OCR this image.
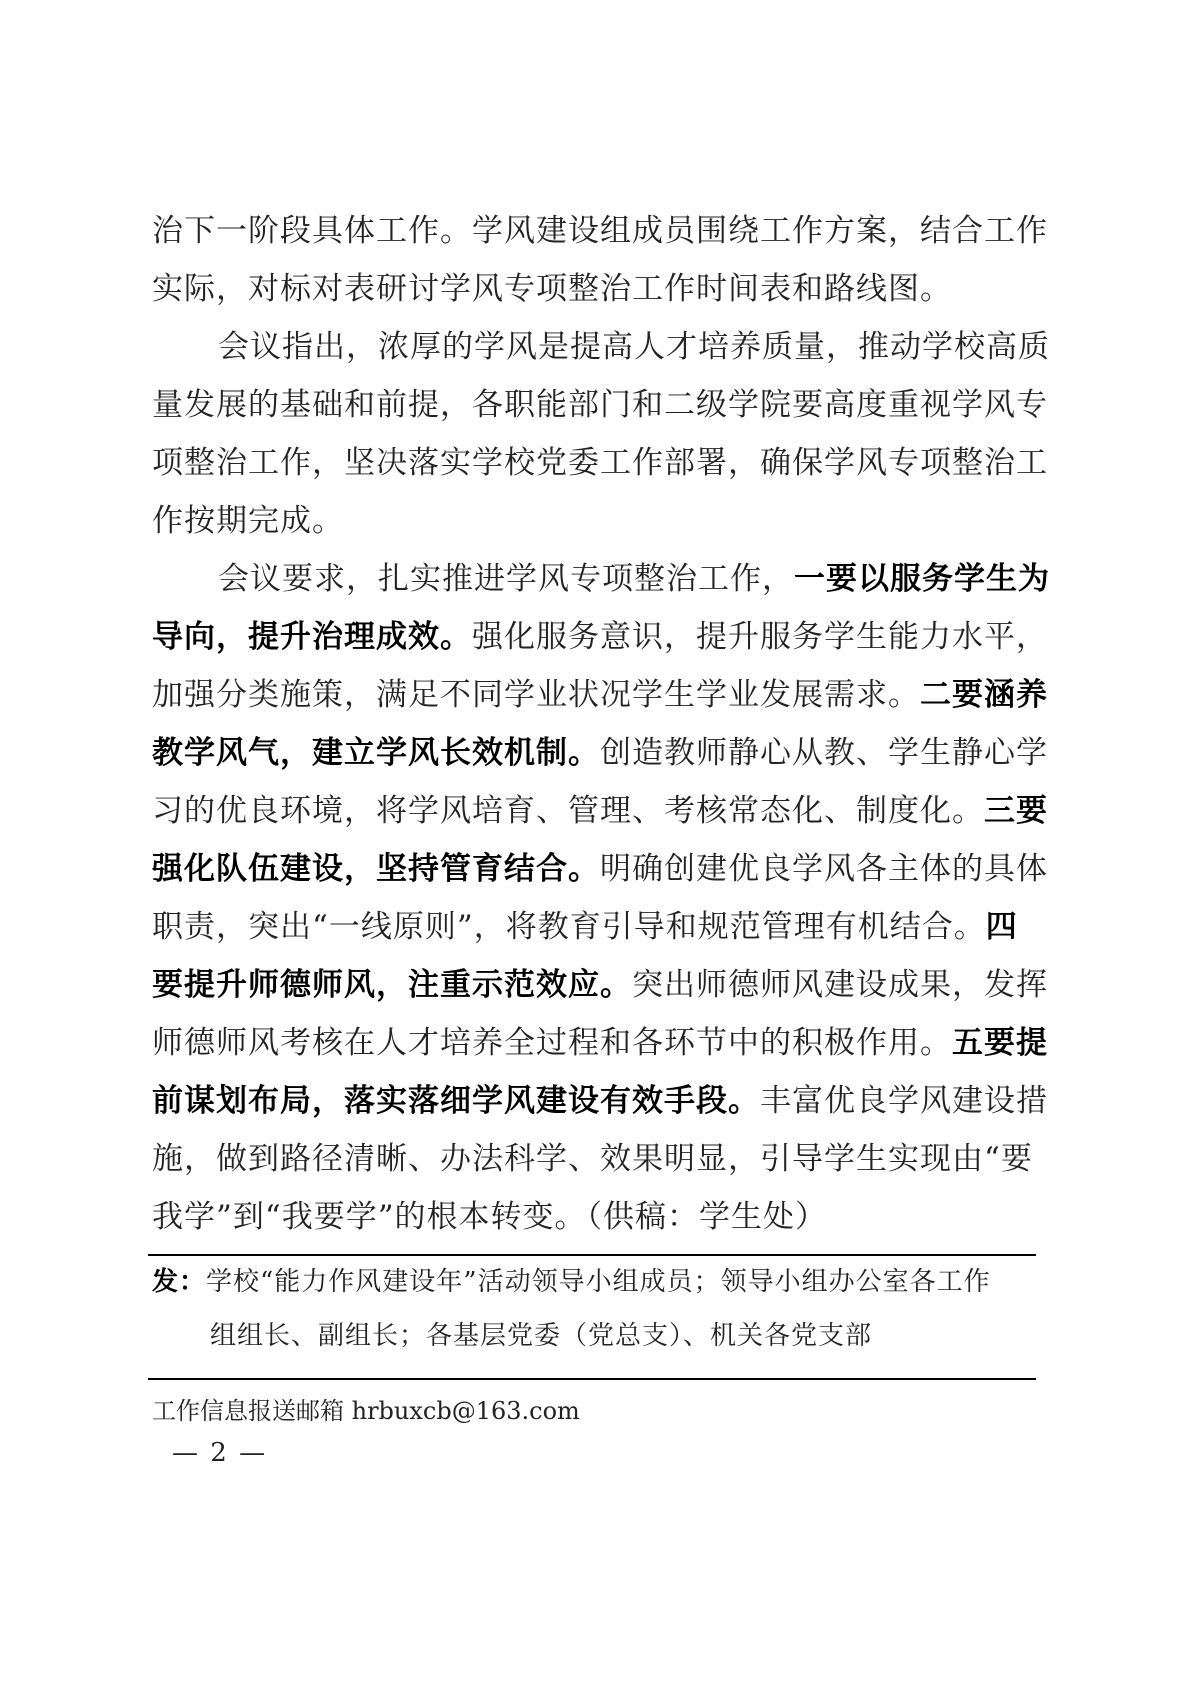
治下一阶段具体工作。学风建设组成员围绕工作方案，结合工作
实际，对标对表研讨学风专项整治工作时间表和路线图。
会议指出，浓厚的学风是提高人才培养质量，推动学校高质
量发展的基础和前提，各职能部门和二级学院要高度重视学风专
项整治工作，坚决落实学校党委工作部署，确保学风专项整治工
作按期完成。
会议要求，扎实推进学风专项整治工作，一要以服务学生为
导向，提升治理成效。强化服务意识，提升服务学生能力水平，
加强分类施策，满足不同学业状况学生学业发展需求。二要涵养
教学风气，建立学风长效机制。创造教师静心从教、学生静心学
习的优良环境，将学风培育、管理、考核常态化、制度化。三要
强化队伍建设，坚持管育结合。明确创建优良学风各主体的具体
职责，突出“一线原则”，将教育引导和规范管理有机结合。四
要提升师德师风，注重示范效应。突出师德师风建设成果，发挥
师德师风考核在人才培养全过程和各环节中的积极作用。五要提
前谋划布局，落实落细学风建设有效手段。丰富优良学风建设措
施，做到路径清晰、办法科学、效果明显，引导学生实现由“要
我学”到“我要学”的根本转变。（供稿：学生处）
发：学校“能力作风建设年”活动领导小组成员；领导小组办公室各工作
组组长、副组长；各基层党委（党总支）、机关各党支部
工作信息报送邮箱 hrbuxcb@163.com
— 2 —
